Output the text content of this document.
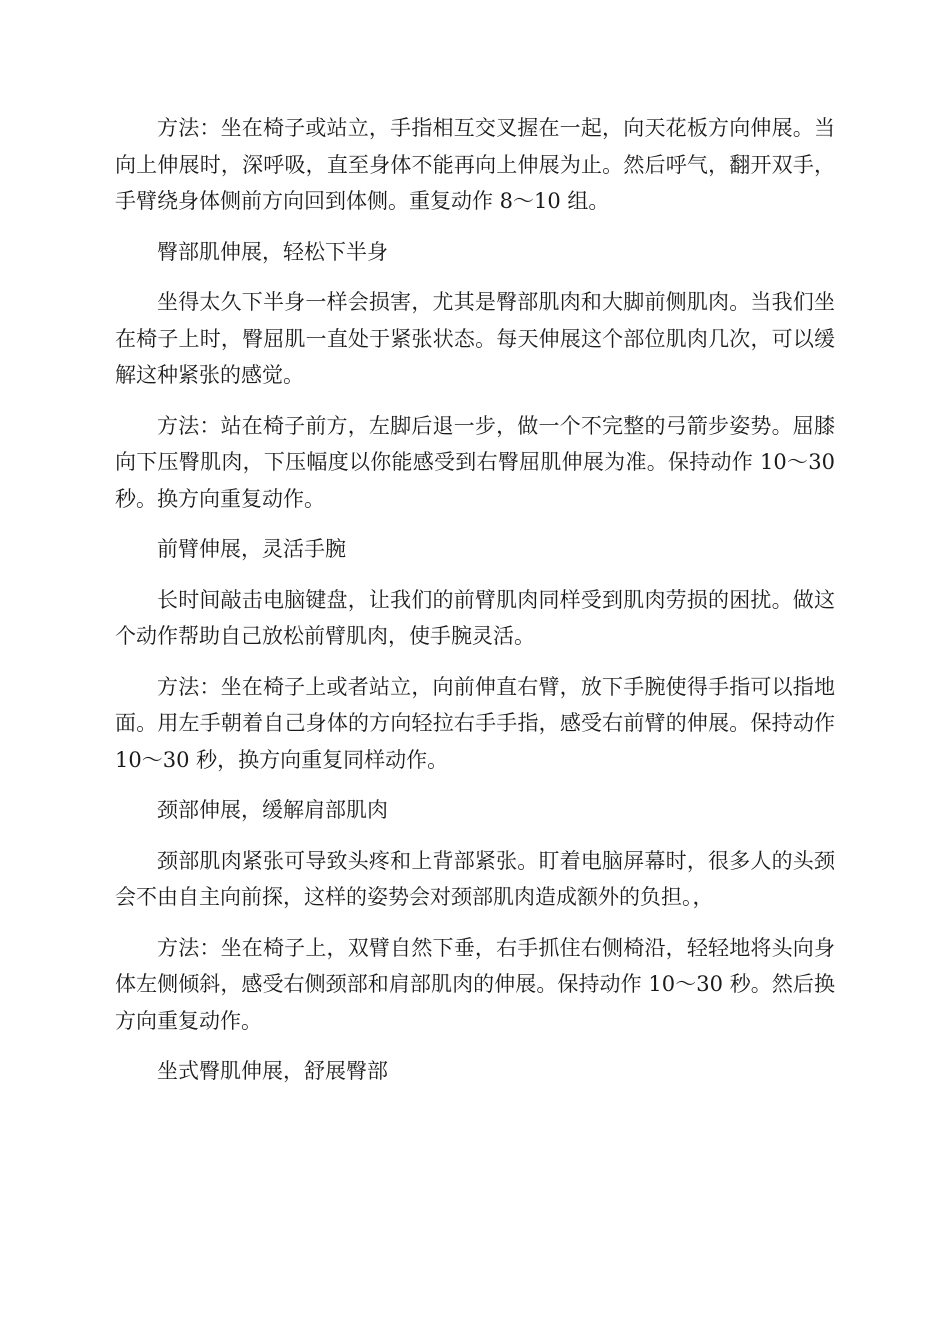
方法：坐在椅子或站立，手指相互交叉握在一起，向天花板方向伸展。当向上伸展时，深呼吸，直至身体不能再向上伸展为止。然后呼气，翻开双手，手臂绕身体侧前方向回到体侧。重复动作 8～10 组。

臀部肌伸展，轻松下半身

坐得太久下半身一样会损害，尤其是臀部肌肉和大脚前侧肌肉。当我们坐在椅子上时，臀屈肌一直处于紧张状态。每天伸展这个部位肌肉几次，可以缓解这种紧张的感觉。

方法：站在椅子前方，左脚后退一步，做一个不完整的弓箭步姿势。屈膝向下压臀肌肉，下压幅度以你能感受到右臀屈肌伸展为准。保持动作 10～30 秒。换方向重复动作。

前臂伸展，灵活手腕

长时间敲击电脑键盘，让我们的前臂肌肉同样受到肌肉劳损的困扰。做这个动作帮助自己放松前臂肌肉，使手腕灵活。

方法：坐在椅子上或者站立，向前伸直右臂，放下手腕使得手指可以指地面。用左手朝着自己身体的方向轻拉右手手指，感受右前臂的伸展。保持动作 10～30 秒，换方向重复同样动作。

颈部伸展，缓解肩部肌肉

颈部肌肉紧张可导致头疼和上背部紧张。盯着电脑屏幕时，很多人的头颈会不由自主向前探，这样的姿势会对颈部肌肉造成额外的负担。，

方法：坐在椅子上，双臂自然下垂，右手抓住右侧椅沿，轻轻地将头向身体左侧倾斜，感受右侧颈部和肩部肌肉的伸展。保持动作 10～30 秒。然后换方向重复动作。

坐式臀肌伸展，舒展臀部
